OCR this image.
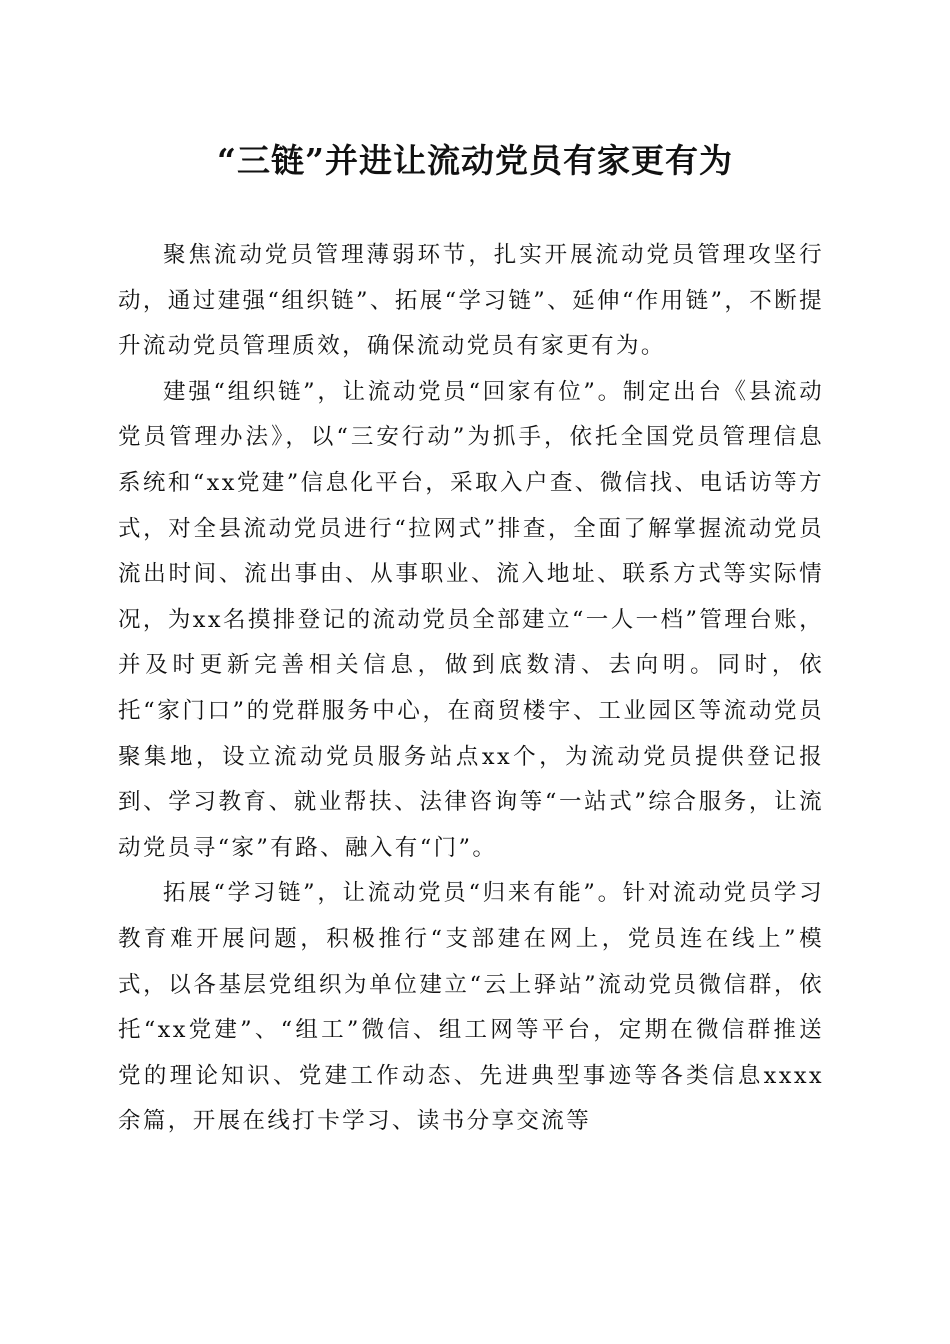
“三链”并进让流动党员有家更有为

聚焦流动党员管理薄弱环节，扎实开展流动党员管理攻坚行动，通过建强“组织链”、拓展“学习链”、延伸“作用链”，不断提升流动党员管理质效，确保流动党员有家更有为。

建强“组织链”，让流动党员“回家有位”。制定出台《县流动党员管理办法》，以“三安行动”为抓手，依托全国党员管理信息系统和“xx党建”信息化平台，采取入户查、微信找、电话访等方式，对全县流动党员进行“拉网式”排查，全面了解掌握流动党员流出时间、流出事由、从事职业、流入地址、联系方式等实际情况，为xx名摸排登记的流动党员全部建立“一人一档”管理台账，并及时更新完善相关信息，做到底数清、去向明。同时，依托“家门口”的党群服务中心，在商贸楼宇、工业园区等流动党员聚集地，设立流动党员服务站点xx个，为流动党员提供登记报到、学习教育、就业帮扶、法律咨询等“一站式”综合服务，让流动党员寻“家”有路、融入有“门”。

拓展“学习链”，让流动党员“归来有能”。针对流动党员学习教育难开展问题，积极推行“支部建在网上，党员连在线上”模式，以各基层党组织为单位建立“云上驿站”流动党员微信群，依托“xx党建”、“组工”微信、组工网等平台，定期在微信群推送党的理论知识、党建工作动态、先进典型事迹等各类信息xxxx余篇，开展在线打卡学习、读书分享交流等
